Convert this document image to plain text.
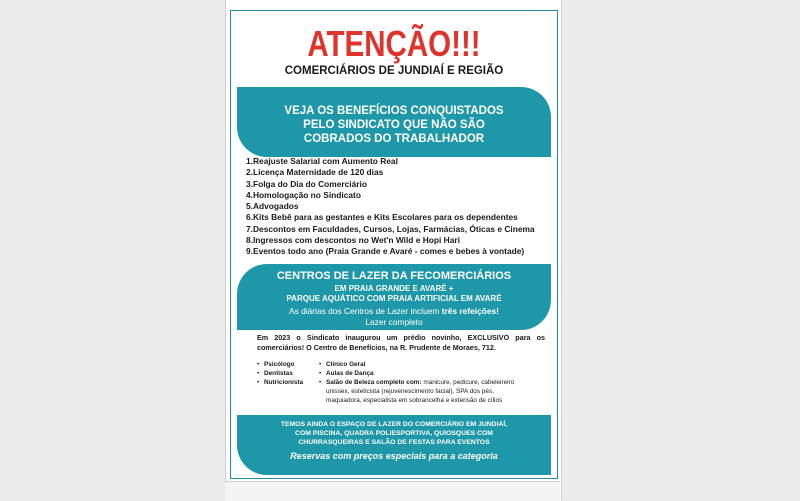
ATENÇÃO!!!
COMERCIÁRIOS DE JUNDIAÍ E REGIÃO
VEJA OS BENEFÍCIOS CONQUISTADOS
PELO SINDICATO QUE NÃO SÃO
COBRADOS DO TRABALHADOR
1.Reajuste Salarial com Aumento Real
2.Licença Maternidade de 120 dias
3.Folga do Dia do Comerciário
4.Homologação no Sindicato
5.Advogados
6.Kits Bebê para as gestantes e Kits Escolares para os dependentes
7.Descontos em Faculdades, Cursos, Lojas, Farmácias, Óticas e Cinema
8.Ingressos com descontos no Wet'n Wild e Hopi Hari
9.Eventos todo ano (Praia Grande e Avaré - comes e bebes à vontade)
CENTROS DE LAZER DA FECOMERCIÁRIOS
EM PRAIA GRANDE E AVARÉ +
PARQUE AQUÁTICO COM PRAIA ARTIFICIAL EM AVARÉ
As diárias dos Centros de Lazer incluem três refeições!
Lazer completo
Em 2023 o Sindicato inaugurou um prédio novinho, EXCLUSIVO para os comerciários! O Centro de Benefícios, na R. Prudente de Moraes, 712.
• Psicólogo
• Dentistas
• Nutricionista
• Clínico Geral
• Aulas de Dança
• Salão de Beleza completo com: manicure, pedicure, cabeleireiro
unissex, esteticista (rejuvenescimento facial), SPA dos pés,
maquiadora, especialista em sobrancelha e extensão de cílios
TEMOS AINDA O ESPAÇO DE LAZER DO COMERCIÁRIO EM JUNDIAÍ,
COM PISCINA, QUADRA POLIESPORTIVA, QUIOSQUES COM
CHURRASQUEIRAS E SALÃO DE FESTAS PARA EVENTOS
Reservas com preços especiais para a categoria
